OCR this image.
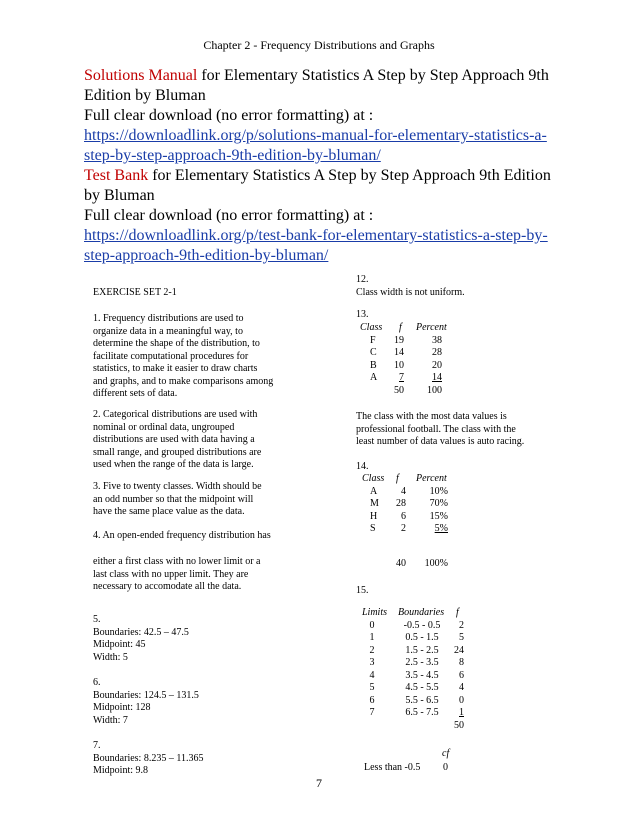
Chapter 2 - Frequency Distributions and Graphs
Solutions Manual for Elementary Statistics A Step by Step Approach 9th
Edition by Bluman
Full clear download (no error formatting) at :
https://downloadlink.org/p/solutions-manual-for-elementary-statistics-a-
step-by-step-approach-9th-edition-by-bluman/
Test Bank for Elementary Statistics A Step by Step Approach 9th Edition
by Bluman
Full clear download (no error formatting) at :
https://downloadlink.org/p/test-bank-for-elementary-statistics-a-step-by-
step-approach-9th-edition-by-bluman/
EXERCISE SET 2-1
1. Frequency distributions are used to
organize data in a meaningful way, to
determine the shape of the distribution, to
facilitate computational procedures for
statistics, to make it easier to draw charts
and graphs, and to make comparisons among
different sets of data.
2. Categorical distributions are used with
nominal or ordinal data, ungrouped
distributions are used with data having a
small range, and grouped distributions are
used when the range of the data is large.
3. Five to twenty classes. Width should be
an odd number so that the midpoint will
have the same place value as the data.
4. An open-ended frequency distribution has
either a first class with no lower limit or a
last class with no upper limit. They are
necessary to accomodate all the data.
5.
Boundaries: 42.5 – 47.5
Midpoint: 45
Width: 5
6.
Boundaries: 124.5 – 131.5
Midpoint: 128
Width: 7
7.
Boundaries: 8.235 – 11.365
Midpoint: 9.8
12.
Class width is not uniform.
13.
Class f Percent
F	19	38
C	14	28
B	10	20
A	7	14
50	100
The class with the most data values is
professional football. The class with the
least number of data values is auto racing.
14.
Class f Percent
A	4	10%
M	28	70%
H	6	15%
S	2	5%
40	100%
15.
Limits Boundaries f
0	-0.5 - 0.5	2
1	0.5 - 1.5	5
2	1.5 - 2.5	24
3	2.5 - 3.5	8
4	3.5 - 4.5	6
5	4.5 - 5.5	4
6	5.5 - 6.5	0
7	6.5 - 7.5	1
50
cf
Less than -0.5 0
7
